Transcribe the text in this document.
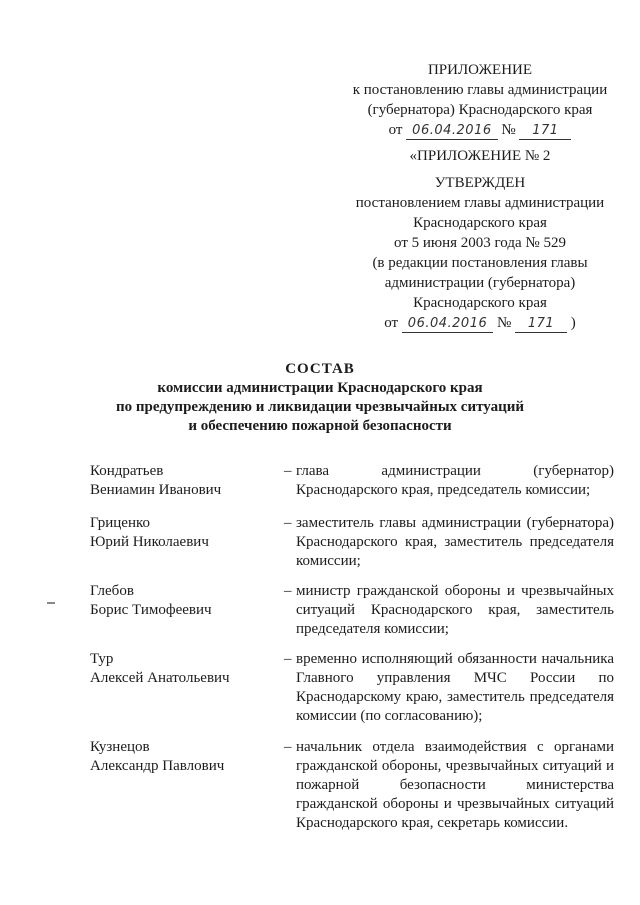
ПРИЛОЖЕНИЕ
к постановлению главы администрации
(губернатора) Краснодарского края
от 06.04.2016 № 171
«ПРИЛОЖЕНИЕ № 2
УТВЕРЖДЕН
постановлением главы администрации
Краснодарского края
от 5 июня 2003 года № 529
(в редакции постановления главы
администрации (губернатора)
Краснодарского края
от 06.04.2016 № 171 )
СОСТАВ
комиссии администрации Краснодарского края
по предупреждению и ликвидации чрезвычайных ситуаций
и обеспечению пожарной безопасности
Кондратьев
Вениамин Иванович
– глава администрации (губернатор) Краснодарского края, председатель комиссии;
Гриценко
Юрий Николаевич
– заместитель главы администрации (губернатора) Краснодарского края, заместитель председателя комиссии;
Глебов
Борис Тимофеевич
– министр гражданской обороны и чрезвычайных ситуаций Краснодарского края, заместитель председателя комиссии;
Тур
Алексей Анатольевич
– временно исполняющий обязанности начальника Главного управления МЧС России по Краснодарскому краю, заместитель председателя комиссии (по согласованию);
Кузнецов
Александр Павлович
– начальник отдела взаимодействия с органами гражданской обороны, чрезвычайных ситуаций и пожарной безопасности министерства гражданской обороны и чрезвычайных ситуаций Краснодарского края, секретарь комиссии.
